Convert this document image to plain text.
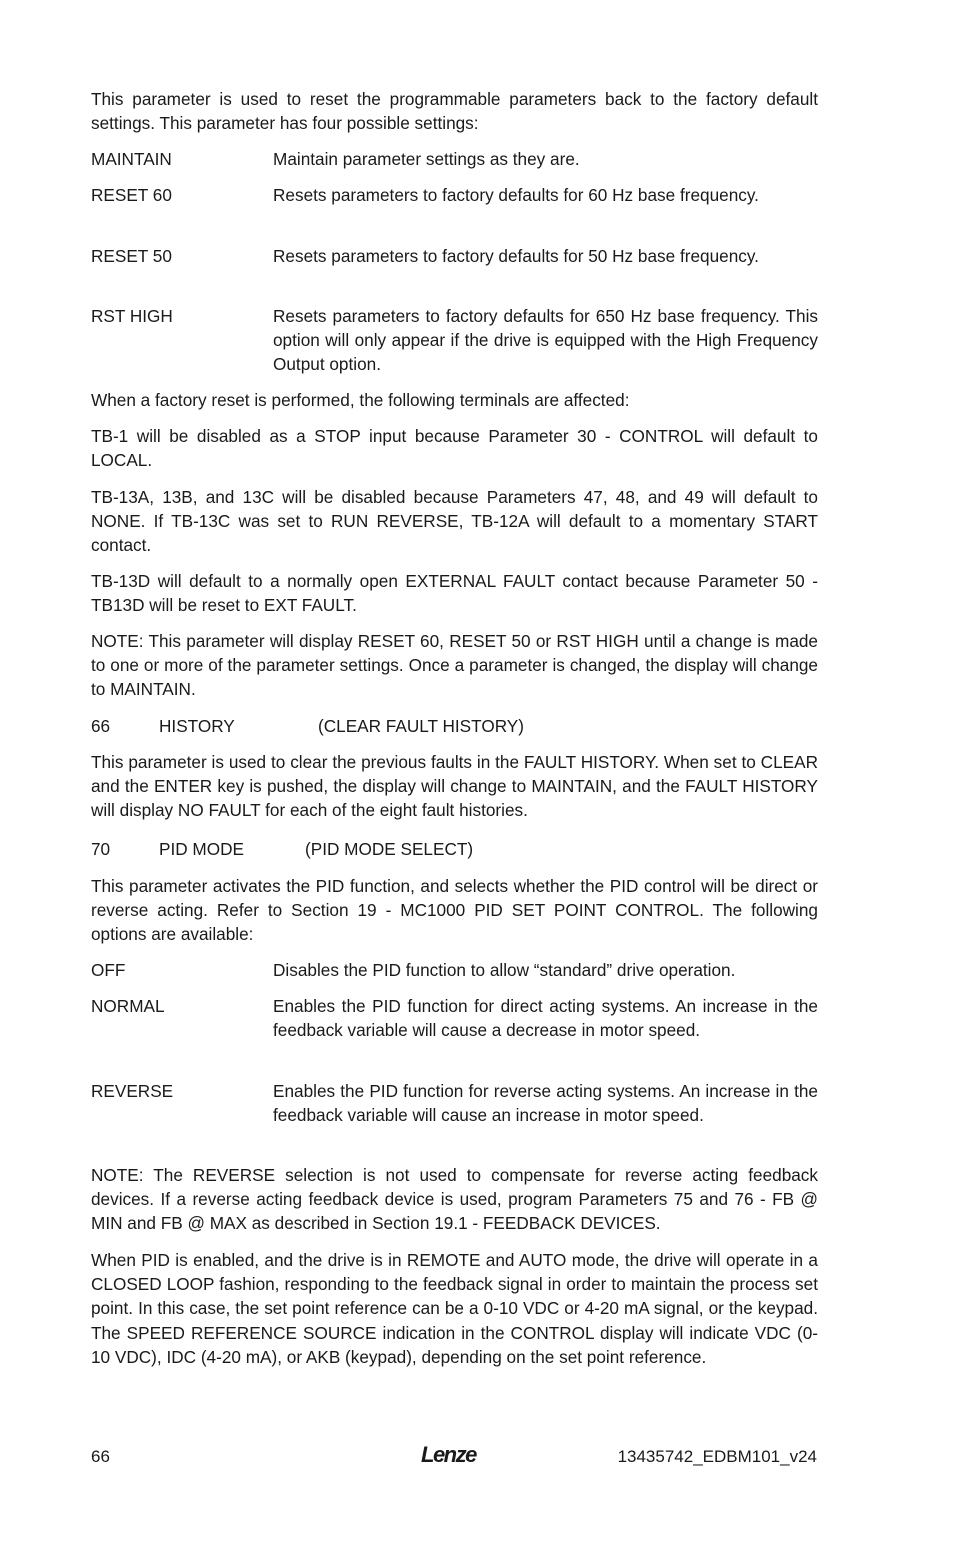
This parameter is used to reset the programmable parameters back to the factory default settings. This parameter has four possible settings:

MAINTAIN	Maintain parameter settings as they are.
RESET 60	Resets parameters to factory defaults for 60 Hz base frequency.
RESET 50	Resets parameters to factory defaults for 50 Hz base frequency.
RST HIGH	Resets parameters to factory defaults for 650 Hz base frequency. This option will only appear if the drive is equipped with the High Frequency Output option.

When a factory reset is performed, the following terminals are affected:

TB-1 will be disabled as a STOP input because Parameter 30 - CONTROL will default to LOCAL.

TB-13A, 13B, and 13C will be disabled because Parameters 47, 48, and 49 will default to NONE. If TB-13C was set to RUN REVERSE, TB-12A will default to a momentary START contact.

TB-13D will default to a normally open EXTERNAL FAULT contact because Parameter 50 - TB13D will be reset to EXT FAULT.

NOTE: This parameter will display RESET 60, RESET 50 or RST HIGH until a change is made to one or more of the parameter settings. Once a parameter is changed, the display will change to MAINTAIN.

66	HISTORY	(CLEAR FAULT HISTORY)

This parameter is used to clear the previous faults in the FAULT HISTORY. When set to CLEAR and the ENTER key is pushed, the display will change to MAINTAIN, and the FAULT HISTORY will display NO FAULT for each of the eight fault histories.

70	PID MODE	(PID MODE SELECT)

This parameter activates the PID function, and selects whether the PID control will be direct or reverse acting. Refer to Section 19 - MC1000 PID SET POINT CONTROL. The following options are available:

OFF	Disables the PID function to allow “standard” drive operation.
NORMAL	Enables the PID function for direct acting systems. An increase in the feedback variable will cause a decrease in motor speed.
REVERSE	Enables the PID function for reverse acting systems. An increase in the feedback variable will cause an increase in motor speed.

NOTE: The REVERSE selection is not used to compensate for reverse acting feedback devices. If a reverse acting feedback device is used, program Parameters 75 and 76 - FB @ MIN and FB @ MAX as described in Section 19.1 - FEEDBACK DEVICES.

When PID is enabled, and the drive is in REMOTE and AUTO mode, the drive will operate in a CLOSED LOOP fashion, responding to the feedback signal in order to maintain the process set point. In this case, the set point reference can be a 0-10 VDC or 4-20 mA signal, or the keypad. The SPEED REFERENCE SOURCE indication in the CONTROL display will indicate VDC (0-10 VDC), IDC (4-20 mA), or AKB (keypad), depending on the set point reference.

66	Lenze	13435742_EDBM101_v24
